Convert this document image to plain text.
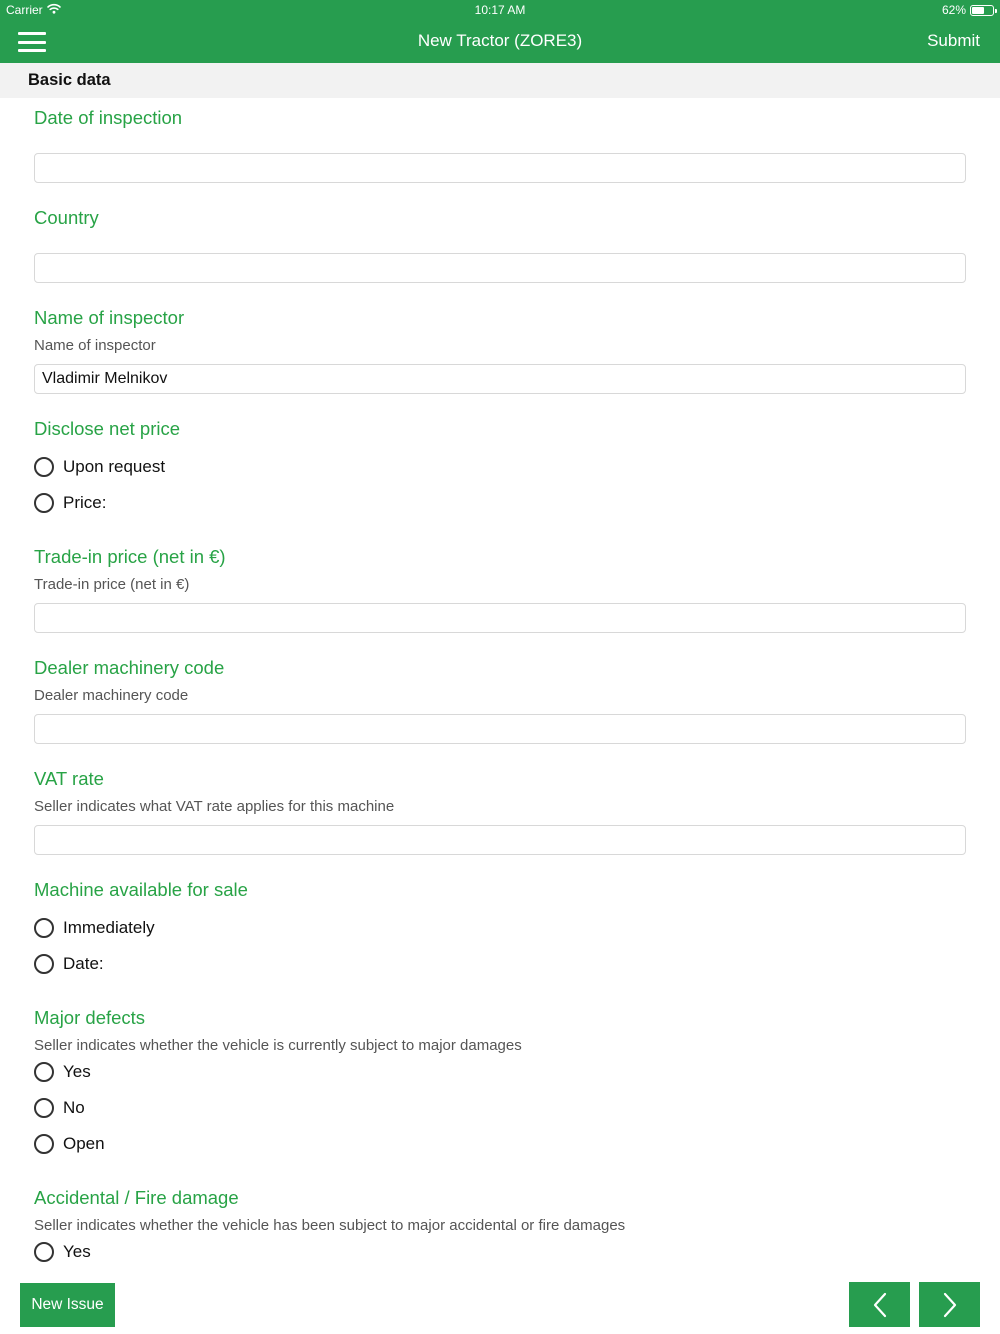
Carrier	10:17 AM	62%
New Tractor (ZORE3)	Submit
Basic data
Date of inspection
Country
Name of inspector
Name of inspector
Vladimir Melnikov
Disclose net price
Upon request
Price:
Trade-in price (net in €)
Trade-in price (net in €)
Dealer machinery code
Dealer machinery code
VAT rate
Seller indicates what VAT rate applies for this machine
Machine available for sale
Immediately
Date:
Major defects
Seller indicates whether the vehicle is currently subject to major damages
Yes
No
Open
Accidental / Fire damage
Seller indicates whether the vehicle has been subject to major accidental or fire damages
Yes
New Issue
